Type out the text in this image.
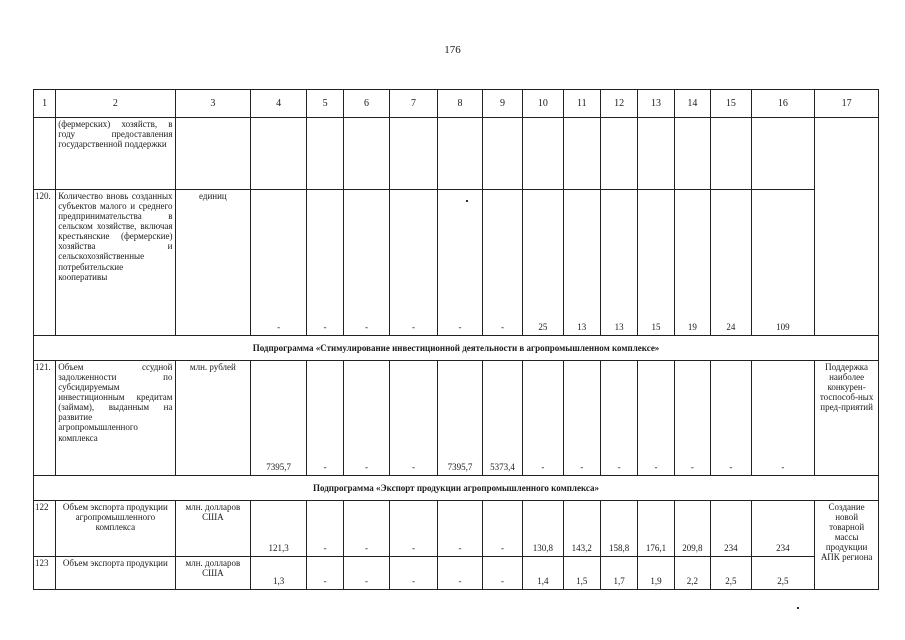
176
1	2	3	4	5	6	7	8	9	10	11	12	13	14	15	16	17
	(фермерских) хозяйств, в году предоставления государственной поддержки															
120.	Количество вновь созданных субъектов малого и среднего предпринимательства в сельском хозяйстве, включая крестьянские (фермерские) хозяйства и сельскохозяйственные потребительские кооперативы	единиц	-	-	-	-	-	-	25	13	13	15	19	24	109	
Подпрограмма «Стимулирование инвестиционной деятельности в агропромышленном комплексе»																
121.	Объем ссудной задолженности по субсидируемым инвестиционным кредитам (займам), выданным на развитие агропромышленного комплекса	млн. рублей	7395,7	-	-	-	7395,7	5373,4	-	-	-	-	-	-	-	Поддержка наиболее конкурен-тоспособ-ных пред-приятий
Подпрограмма «Экспорт продукции агропромышленного комплекса»																
122	Объем экспорта продукции агропромышленного комплекса	млн. долларов США	121,3	-	-	-	-	-	130,8	143,2	158,8	176,1	209,8	234	234	Создание новой товарной массы продукции АПК региона
123	Объем экспорта продукции	млн. долларов США	1,3	-	-	-	-	-	1,4	1,5	1,7	1,9	2,2	2,5	2,5	
